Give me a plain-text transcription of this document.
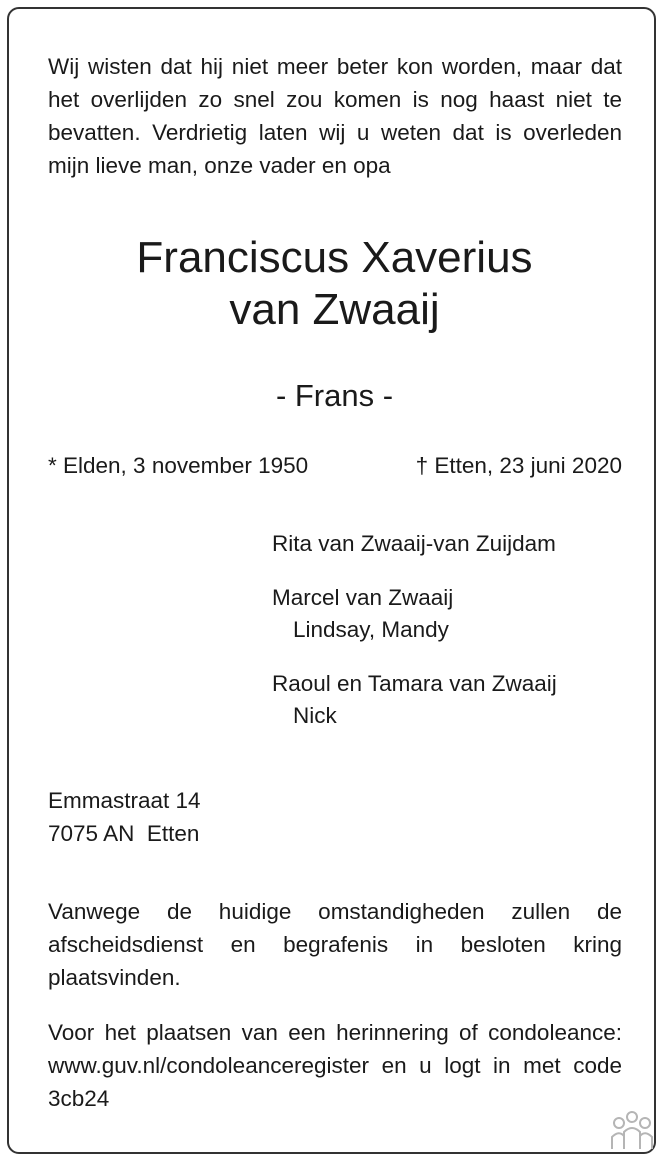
Wij wisten dat hij niet meer beter kon worden, maar dat het overlijden zo snel zou komen is nog haast niet te bevatten. Verdrietig laten wij u weten dat is overleden mijn lieve man, onze vader en opa
Franciscus Xaverius
van Zwaaij
- Frans -
* Elden, 3 november 1950	† Etten, 23 juni 2020
Rita van Zwaaij-van Zuijdam
Marcel van Zwaaij
Lindsay, Mandy
Raoul en Tamara van Zwaaij
Nick
Emmastraat 14
7075 AN  Etten
Vanwege de huidige omstandigheden zullen de afscheidsdienst en begrafenis in besloten kring plaatsvinden.
Voor het plaatsen van een herinnering of condoleance: www.guv.nl/condoleanceregister en u logt in met code 3cb24
